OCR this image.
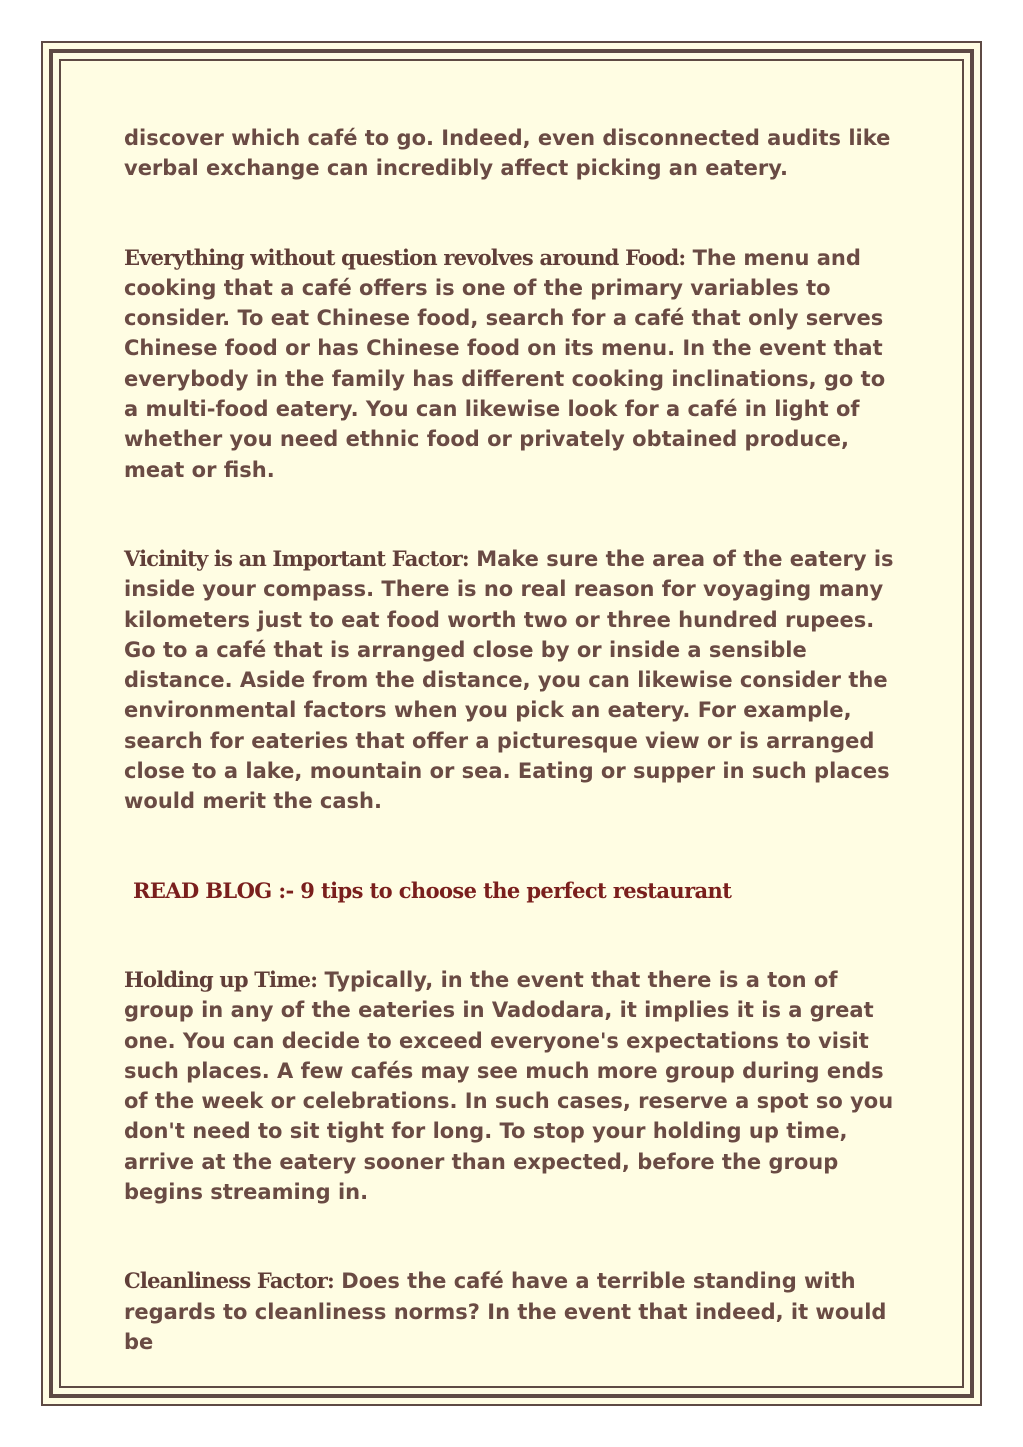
discover which café to go. Indeed, even disconnected audits like verbal exchange can incredibly affect picking an eatery.

Everything without question revolves around Food: The menu and cooking that a café offers is one of the primary variables to consider. To eat Chinese food, search for a café that only serves Chinese food or has Chinese food on its menu. In the event that everybody in the family has different cooking inclinations, go to a multi-food eatery. You can likewise look for a café in light of whether you need ethnic food or privately obtained produce, meat or fish.

Vicinity is an Important Factor: Make sure the area of the eatery is inside your compass. There is no real reason for voyaging many kilometers just to eat food worth two or three hundred rupees. Go to a café that is arranged close by or inside a sensible distance. Aside from the distance, you can likewise consider the environmental factors when you pick an eatery. For example, search for eateries that offer a picturesque view or is arranged close to a lake, mountain or sea. Eating or supper in such places would merit the cash.

READ BLOG :- 9 tips to choose the perfect restaurant

Holding up Time: Typically, in the event that there is a ton of group in any of the eateries in Vadodara, it implies it is a great one. You can decide to exceed everyone's expectations to visit such places. A few cafés may see much more group during ends of the week or celebrations. In such cases, reserve a spot so you don't need to sit tight for long. To stop your holding up time, arrive at the eatery sooner than expected, before the group begins streaming in.

Cleanliness Factor: Does the café have a terrible standing with regards to cleanliness norms? In the event that indeed, it would be
